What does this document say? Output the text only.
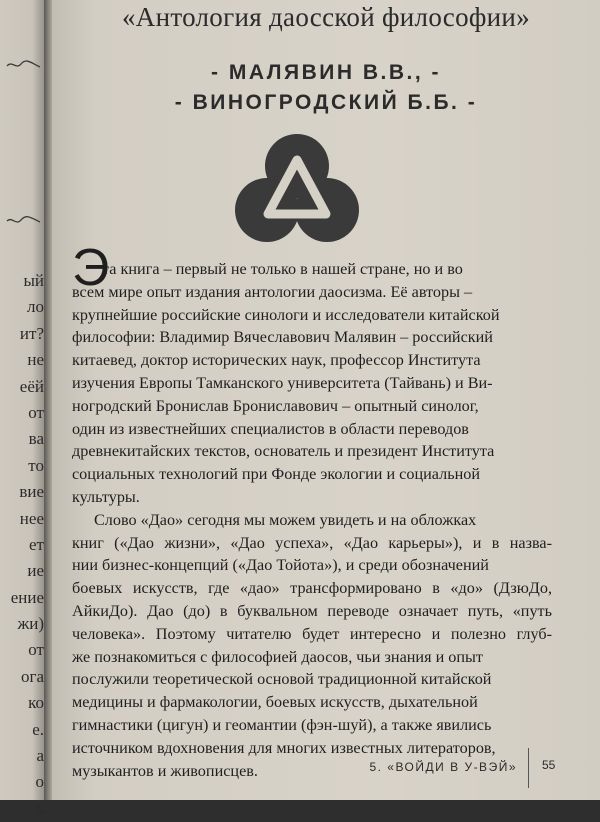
ый
ло
ит?
не
еёй
от
ва
то
вие
нее
ет
ие
ение
жи)
от
ога
ко
е.
а
о
ь
«Антология даосской философии»
- МАЛЯВИН В.В., -
- ВИНОГРОДСКИЙ Б.Б. -
Э
та книга – первый не только в нашей стране, но и во
всем мире опыт издания антологии даосизма. Её авторы –
крупнейшие российские синологи и исследователи китайской
философии: Владимир Вячеславович Малявин – российский
китаевед, доктор исторических наук, профессор Института
изучения Европы Тамканского университета (Тайвань) и Ви-
ногродский Бронислав Брониславович – опытный синолог,
один из известнейших специалистов в области переводов
древнекитайских текстов, основатель и президент Института
социальных технологий при Фонде экологии и социальной
культуры.
Слово «Дао» сегодня мы можем увидеть и на обложках
книг («Дао жизни», «Дао успеха», «Дао карьеры»), и в назва-
нии бизнес-концепций («Дао Тойота»), и среди обозначений
боевых искусств, где «дао» трансформировано в «до» (ДзюДо,
АйкиДо). Дао (до) в буквальном переводе означает путь, «путь
человека». Поэтому читателю будет интересно и полезно глуб-
же познакомиться с философией даосов, чьи знания и опыт
послужили теоретической основой традиционной китайской
медицины и фармакологии, боевых искусств, дыхательной
гимнастики (цигун) и геомантии (фэн-шуй), а также явились
источником вдохновения для многих известных литераторов,
музыкантов и живописцев.	5. «ВОЙДИ В У-ВЭЙ» 55
